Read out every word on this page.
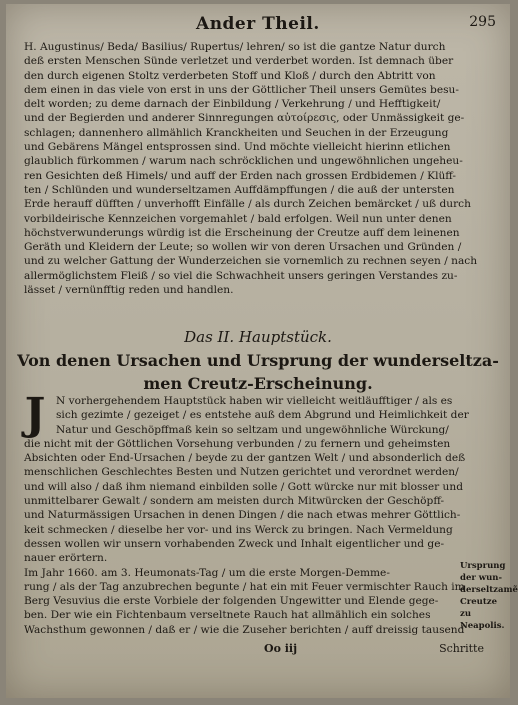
Ander Theil.	295
H. Augustinus/ Beda/ Basilius/ Rupertus/ lehren/ so ist die gantze Natur durch
deß ersten Menschen Sünde verletzet und verderbet worden. Ist demnach über
den durch eigenen Stoltz verderbeten Stoff und Kloß / durch den Abtritt von
dem einen in das viele von erst in uns der Göttlicher Theil unsers Gemütes besu-
delt worden; zu deme darnach der Einbildung / Verkehrung / und Hefftigkeit/
und der Begierden und anderer Sinnregungen αὐτοίρεσις, oder Unmässigkeit ge-
schlagen; dannenhero allmählich Kranckheiten und Seuchen in der Erzeugung
und Gebärens Mängel entsprossen sind. Und möchte vielleicht hierinn etlichen
glaublich fürkommen / warum nach schröcklichen und ungewöhnlichen ungeheu-
ren Gesichten deß Himels/ und auff der Erden nach grossen Erdbidemen / Klüff-
ten / Schlünden und wunderseltzamen Auffdämpffungen / die auß der untersten
Erde herauff düfften / unverhofft Einfälle / als durch Zeichen bemärcket / uß durch
vorbildeirische Kennzeichen vorgemahlet / bald erfolgen. Weil nun unter denen
höchstverwunderungs würdig ist die Erscheinung der Creutze auff dem leinenen
Geräth und Kleidern der Leute; so wollen wir von deren Ursachen und Gründen /
und zu welcher Gattung der Wunderzeichen sie vornemlich zu rechnen seyen / nach
allermöglichstem Fleiß / so viel die Schwachheit unsers geringen Verstandes zu-
lässet / vernünfftig reden und handlen.
Das II. Hauptstück.
Von denen Ursachen und Ursprung der wunderseltza-
men Creutz-Erscheinung.
J N vorhergehendem Hauptstück haben wir vielleicht weitläufftiger / als es
sich gezimte / gezeiget / es entstehe auß dem Abgrund und Heimlichkeit der
Natur und Geschöpffmaß kein so seltzam und ungewöhnliche Würckung/
die nicht mit der Göttlichen Vorsehung verbunden / zu fernern und geheimsten
Absichten oder End-Ursachen / beyde zu der gantzen Welt / und absonderlich deß
menschlichen Geschlechtes Besten und Nutzen gerichtet und verordnet werden/
und will also / daß ihm niemand einbilden solle / Gott würcke nur mit blosser und
unmittelbarer Gewalt / sondern am meisten durch Mitwürcken der Geschöpff-
und Naturmässigen Ursachen in denen Dingen / die nach etwas mehrer Göttlich-
keit schmecken / dieselbe her vor- und ins Werck zu bringen. Nach Vermeldung
dessen wollen wir unsern vorhabenden Zweck und Inhalt eigentlicher und ge-
nauer erörtern.
Im Jahr 1660. am 3. Heumonats-Tag / um die erste Morgen-Demme-
rung / als der Tag anzubrechen begunte / hat ein mit Feuer vermischter Rauch im
Berg Vesuvius die erste Vorbiele der folgenden Ungewitter und Elende gege-
ben. Der wie ein Fichtenbaum verseltnete Rauch hat allmählich ein solches
Wachsthum gewonnen / daß er / wie die Zuseher berichten / auff dreissig tausend
Ursprung
der wun-
derseltzamẽ
Creutze zu
Neapolis.
Oo iij	Schritte
